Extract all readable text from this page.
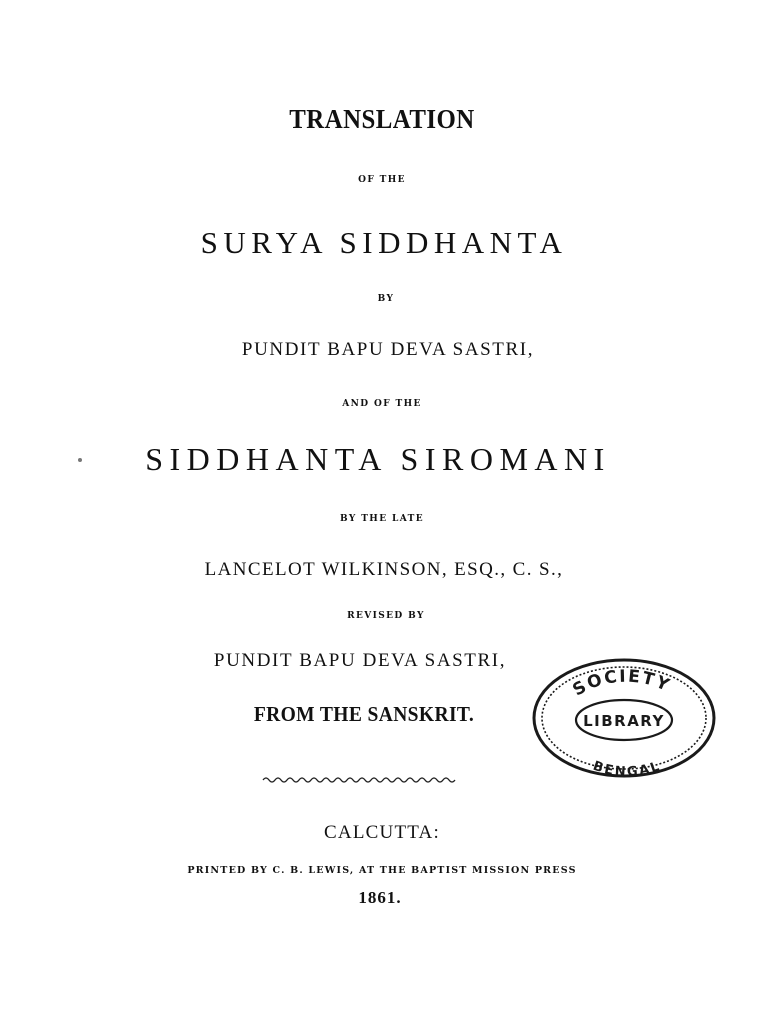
TRANSLATION
OF THE
SURYA SIDDHANTA
BY
PUNDIT BAPU DEVA SASTRI,
AND OF THE
SIDDHANTA SIROMANI
BY THE LATE
LANCELOT WILKINSON, ESQ., C. S.,
REVISED BY
PUNDIT BAPU DEVA SASTRI,
FROM THE SANSKRIT.
CALCUTTA:
PRINTED BY C. B. LEWIS, AT THE BAPTIST MISSION PRESS
1861.
SOCIETY
LIBRARY
BENGAL
